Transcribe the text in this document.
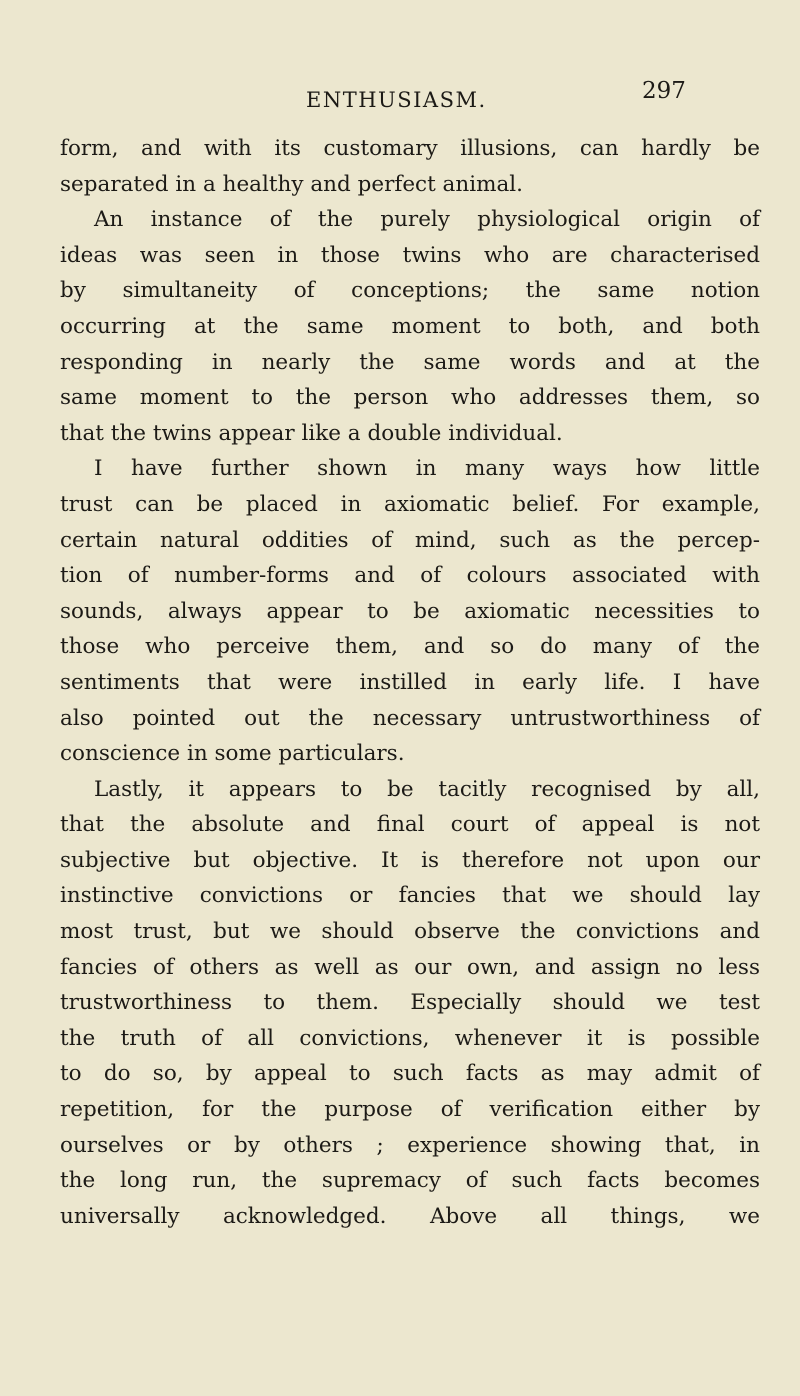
ENTHUSIASM.	297
form, and with its customary illusions, can hardly be
separated in a healthy and perfect animal.
An instance of the purely physiological origin of
ideas was seen in those twins who are characterised
by simultaneity of conceptions; the same notion
occurring at the same moment to both, and both
responding in nearly the same words and at the
same moment to the person who addresses them, so
that the twins appear like a double individual.
I have further shown in many ways how little
trust can be placed in axiomatic belief. For example,
certain natural oddities of mind, such as the percep-
tion of number-forms and of colours associated with
sounds, always appear to be axiomatic necessities to
those who perceive them, and so do many of the
sentiments that were instilled in early life. I have
also pointed out the necessary untrustworthiness of
conscience in some particulars.
Lastly, it appears to be tacitly recognised by all,
that the absolute and final court of appeal is not
subjective but objective. It is therefore not upon our
instinctive convictions or fancies that we should lay
most trust, but we should observe the convictions and
fancies of others as well as our own, and assign no less
trustworthiness to them. Especially should we test
the truth of all convictions, whenever it is possible
to do so, by appeal to such facts as may admit of
repetition, for the purpose of verification either by
ourselves or by others ; experience showing that, in
the long run, the supremacy of such facts becomes
universally acknowledged. Above all things, we
